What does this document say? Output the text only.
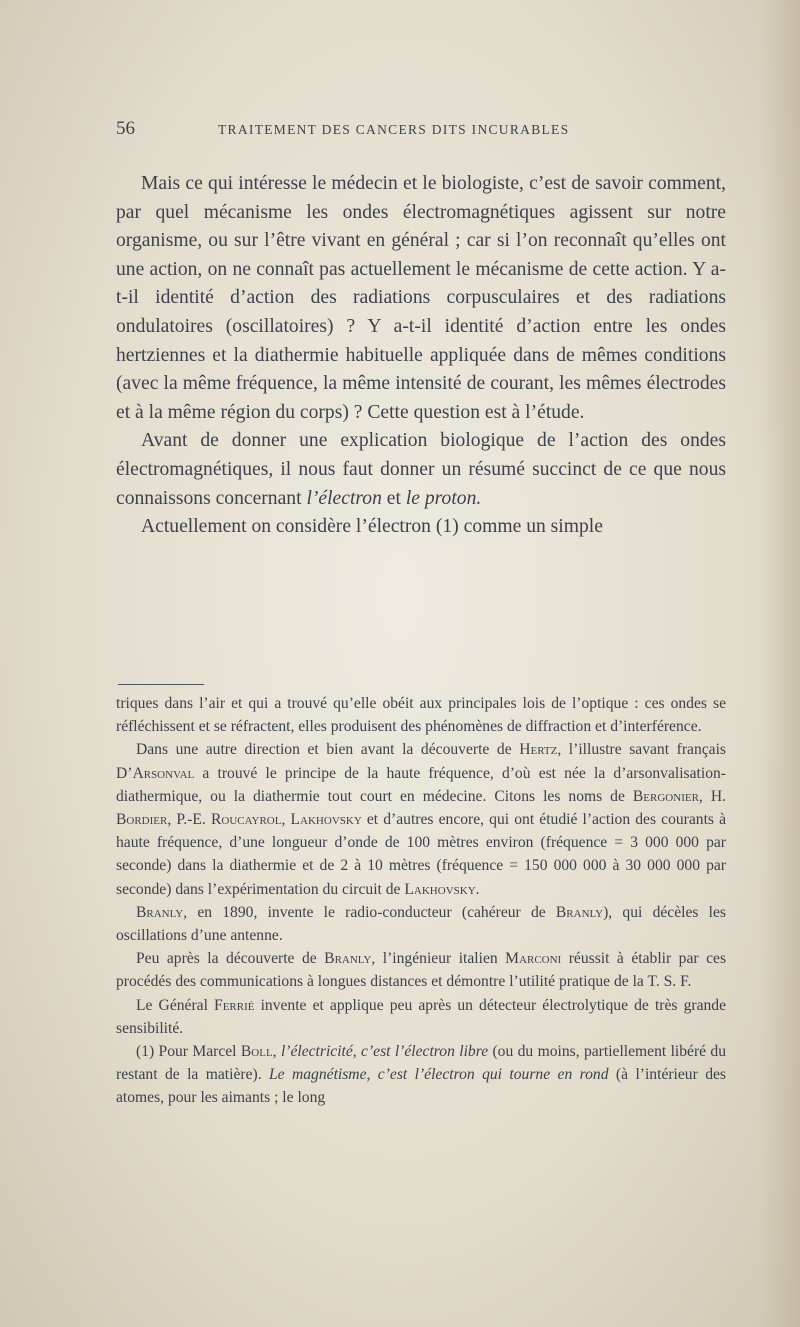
56	TRAITEMENT DES CANCERS DITS INCURABLES

Mais ce qui intéresse le médecin et le biologiste, c’est de savoir comment, par quel mécanisme les ondes électromagnétiques agissent sur notre organisme, ou sur l’être vivant en général ; car si l’on reconnaît qu’elles ont une action, on ne connaît pas actuellement le mécanisme de cette action. Y a-t-il identité d’action des radiations corpusculaires et des radiations ondulatoires (oscillatoires) ? Y a-t-il identité d’action entre les ondes hertziennes et la diathermie habituelle appliquée dans de mêmes conditions (avec la même fréquence, la même intensité de courant, les mêmes électrodes et à la même région du corps) ? Cette question est à l’étude.

Avant de donner une explication biologique de l’action des ondes électromagnétiques, il nous faut donner un résumé succinct de ce que nous connaissons concernant l’électron et le proton.

Actuellement on considère l’électron (1) comme un simple

triques dans l’air et qui a trouvé qu’elle obéit aux principales lois de l’optique : ces ondes se réfléchissent et se réfractent, elles produisent des phénomènes de diffraction et d’interférence.

Dans une autre direction et bien avant la découverte de Hertz, l’illustre savant français D’Arsonval a trouvé le principe de la haute fréquence, d’où est née la d’arsonvalisation-diathermique, ou la diathermie tout court en médecine. Citons les noms de Bergonier, H. Bordier, P.-E. Roucayrol, Lakhovsky et d’autres encore, qui ont étudié l’action des courants à haute fréquence, d’une longueur d’onde de 100 mètres environ (fréquence = 3 000 000 par seconde) dans la diathermie et de 2 à 10 mètres (fréquence = 150 000 000 à 30 000 000 par seconde) dans l’expérimentation du circuit de Lakhovsky.

Branly, en 1890, invente le radio-conducteur (cahéreur de Branly), qui décèles les oscillations d’une antenne.

Peu après la découverte de Branly, l’ingénieur italien Marconi réussit à établir par ces procédés des communications à longues distances et démontre l’utilité pratique de la T. S. F.

Le Général Ferrié invente et applique peu après un détecteur électrolytique de très grande sensibilité.

(1) Pour Marcel Boll, l’électricité, c’est l’électron libre (ou du moins, partiellement libéré du restant de la matière). Le magnétisme, c’est l’électron qui tourne en rond (à l’intérieur des atomes, pour les aimants ; le long
